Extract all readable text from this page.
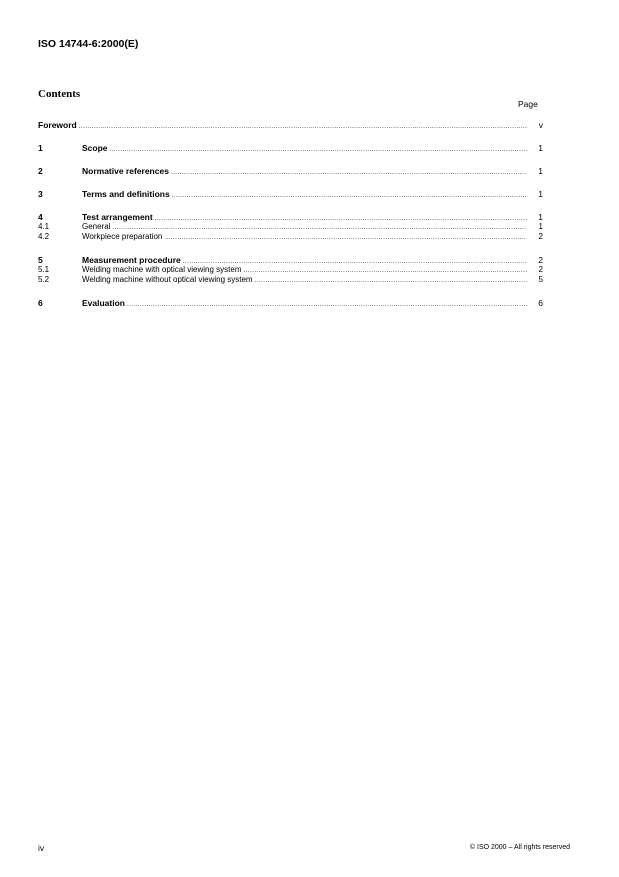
ISO 14744-6:2000(E)
Contents
Page
Foreword .....	v
1	Scope .....	1
2	Normative references .....	1
3	Terms and definitions .....	1
4	Test arrangement .....	1
4.1	General .....	1
4.2	Workpiece preparation .....	2
5	Measurement procedure .....	2
5.1	Welding machine with optical viewing system .....	2
5.2	Welding machine without optical viewing system .....	5
6	Evaluation .....	6
iv	© ISO 2000 – All rights reserved
